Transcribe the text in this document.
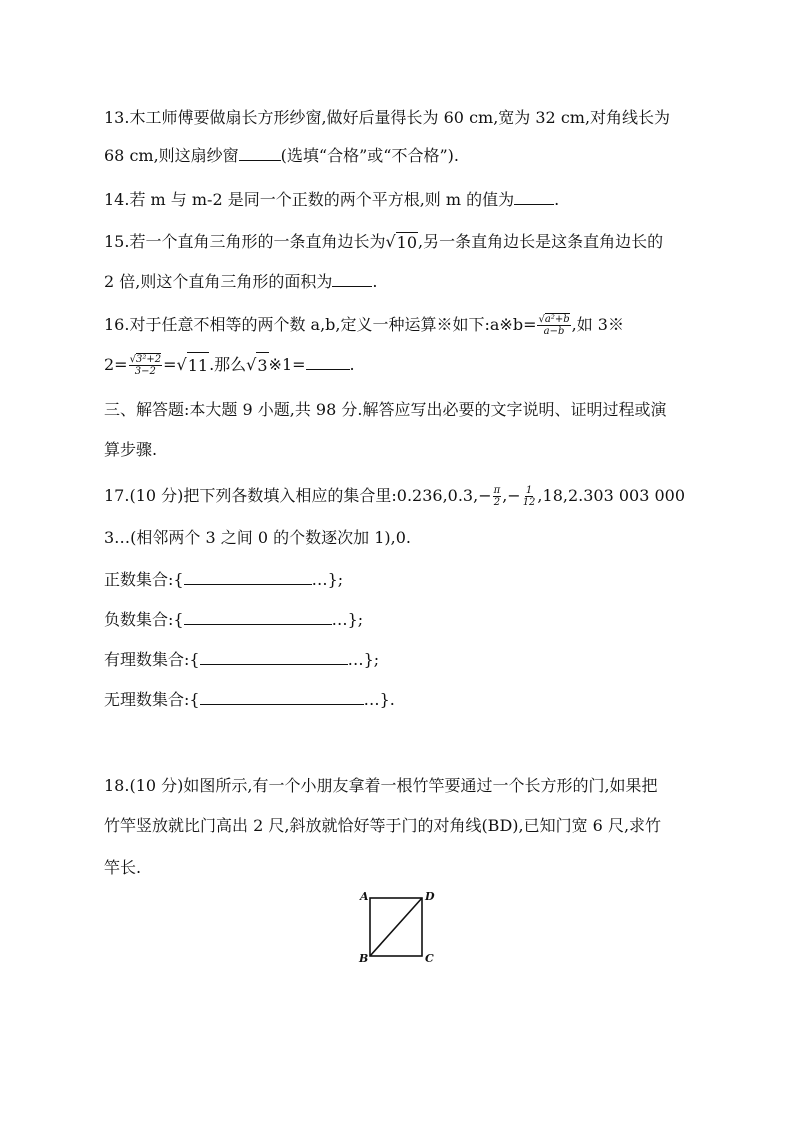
13.木工师傅要做扇长方形纱窗,做好后量得长为 60 cm,宽为 32 cm,对角线长为
68 cm,则这扇纱窗	(选填“合格”或“不合格”).
14.若 m 与 m-2 是同一个正数的两个平方根,则 m 的值为	.
15.若一个直角三角形的一条直角边长为 √ 10 ,另一条直角边长是这条直角边长的
2 倍,则这个直角三角形的面积为	.
16.对于任意不相等的两个数 a,b,定义一种运算※如下:a※b= $\frac{\text{√a²+b}}{a-b}$ ,如 3※
$2= \frac{\text{√3²+2}}{3-2}$ = √ 11 .那么 √ 3 ※1=	.
三、解答题:本大题 9 小题,共 98 分.解答应写出必要的文字说明、证明过程或演
算步骤.
17.(10 分)把下列各数填入相应的集合里:0.236,0.3,− $\frac{\pi}{2}$ ,− $\frac{1}{12} ,18,2.303$ 003 000
3…(相邻两个 3 之间 0 的个数逐次加 1),0.
正数集合:{	…};
负数集合:{	…};
有理数集合:{	…};
无理数集合:{	…}.
18.(10 分)如图所示,有一个小朋友拿着一根竹竿要通过一个长方形的门,如果把
竹竿竖放就比门高出 2 尺,斜放就恰好等于门的对角线(BD),已知门宽 6 尺,求竹
竿长.
A	D
B	C
